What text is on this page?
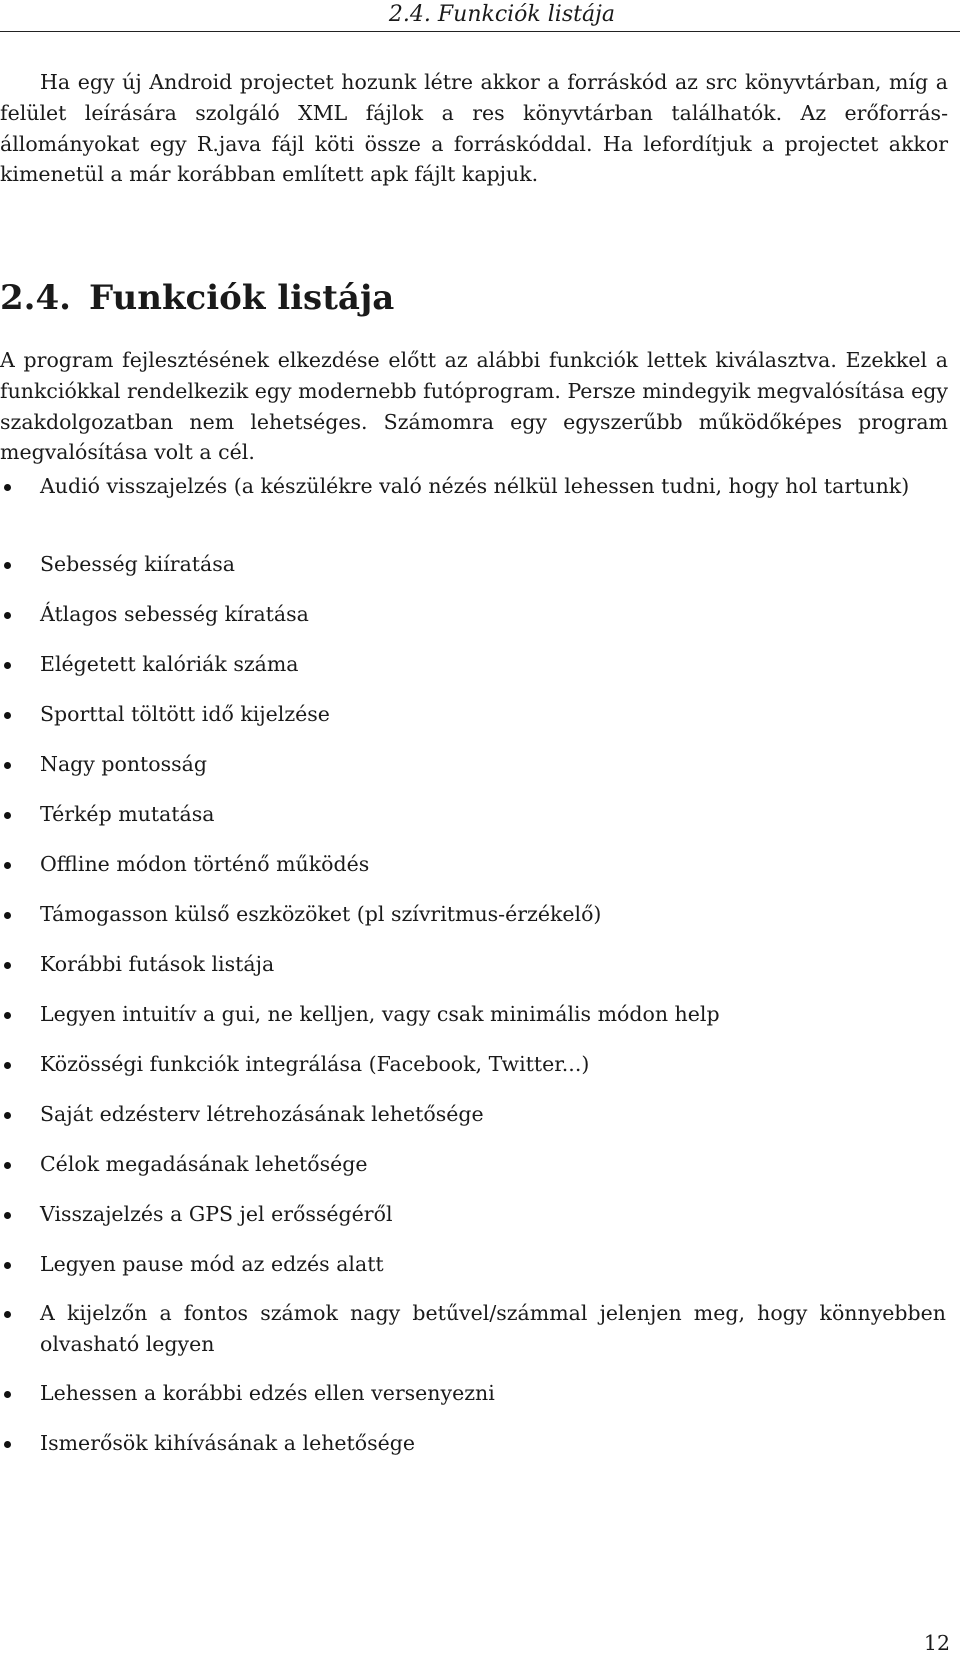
2.4. Funkciók listája

Ha egy új Android projectet hozunk létre akkor a forráskód az src könyvtárban, míg a felület leírására szolgáló XML fájlok a res könyvtárban találhatók. Az erőforrás-állományokat egy R.java fájl köti össze a forráskóddal. Ha lefordítjuk a projectet akkor kimenetül a már korábban említett apk fájlt kapjuk.

2.4. Funkciók listája

A program fejlesztésének elkezdése előtt az alábbi funkciók lettek kiválasztva. Ezekkel a funkciókkal rendelkezik egy modernebb futóprogram. Persze mindegyik megvalósítása egy szakdolgozatban nem lehetséges. Számomra egy egyszerűbb működőképes program megvalósítása volt a cél.

Audió visszajelzés (a készülékre való nézés nélkül lehessen tudni, hogy hol tartunk)
Sebesség kiíratása
Átlagos sebesség kíratása
Elégetett kalóriák száma
Sporttal töltött idő kijelzése
Nagy pontosság
Térkép mutatása
Offline módon történő működés
Támogasson külső eszközöket (pl szívritmus-érzékelő)
Korábbi futások listája
Legyen intuitív a gui, ne kelljen, vagy csak minimális módon help
Közösségi funkciók integrálása (Facebook, Twitter...)
Saját edzésterv létrehozásának lehetősége
Célok megadásának lehetősége
Visszajelzés a GPS jel erősségéről
Legyen pause mód az edzés alatt
A kijelzőn a fontos számok nagy betűvel/számmal jelenjen meg, hogy könnyebben olvasható legyen
Lehessen a korábbi edzés ellen versenyezni
Ismerősök kihívásának a lehetősége
12
